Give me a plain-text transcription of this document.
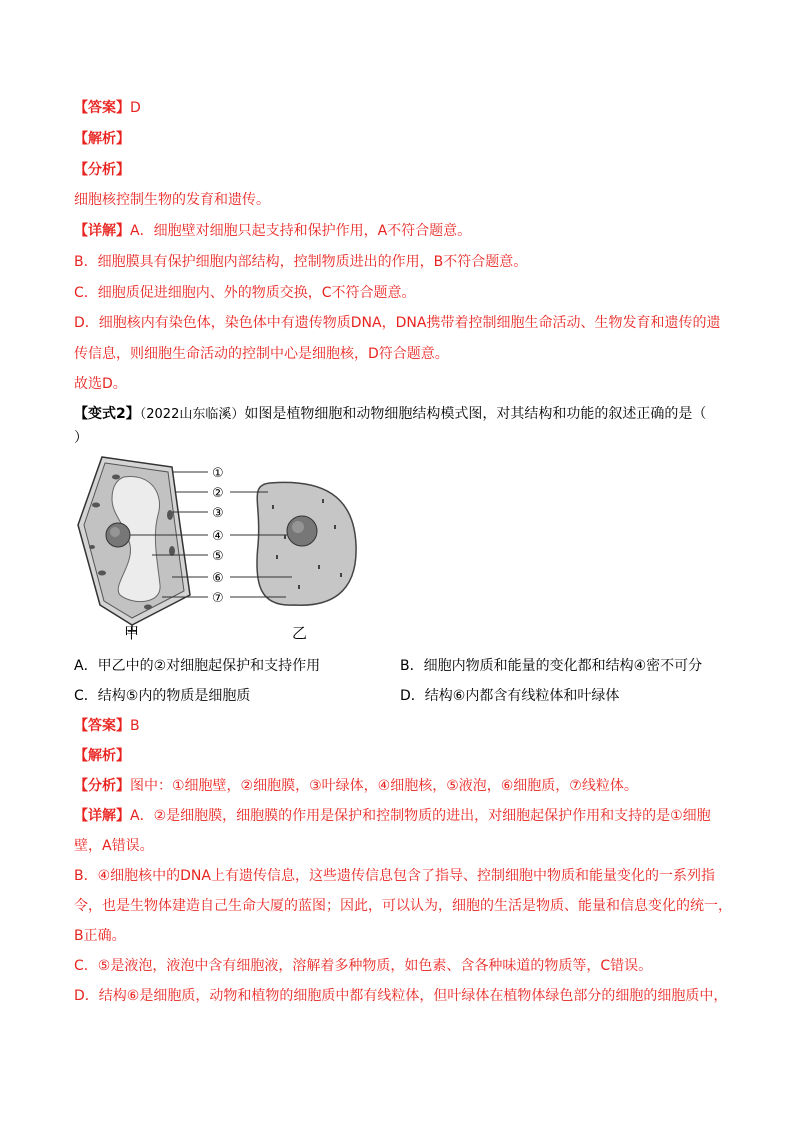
【答案】D
【解析】
【分析】
细胞核控制生物的发育和遗传。
【详解】A．细胞壁对细胞只起支持和保护作用，A不符合题意。
B．细胞膜具有保护细胞内部结构，控制物质进出的作用，B不符合题意。
C．细胞质促进细胞内、外的物质交换，C不符合题意。
D．细胞核内有染色体，染色体中有遗传物质DNA，DNA携带着控制细胞生命活动、生物发育和遗传的遗
传信息，则细胞生命活动的控制中心是细胞核，D符合题意。
故选D。
【变式2】（2022山东临溪）如图是植物细胞和动物细胞结构模式图，对其结构和功能的叙述正确的是（
）
①
②
③
④
⑤
⑥
⑦
甲	乙
A．甲乙中的②对细胞起保护和支持作用	B．细胞内物质和能量的变化都和结构④密不可分
C．结构⑤内的物质是细胞质	D．结构⑥内都含有线粒体和叶绿体
【答案】B
【解析】
【分析】图中：①细胞壁，②细胞膜，③叶绿体，④细胞核，⑤液泡，⑥细胞质，⑦线粒体。
【详解】A．②是细胞膜，细胞膜的作用是保护和控制物质的进出，对细胞起保护作用和支持的是①细胞
壁，A错误。
B．④细胞核中的DNA上有遗传信息，这些遗传信息包含了指导、控制细胞中物质和能量变化的一系列指
令，也是生物体建造自己生命大厦的蓝图；因此，可以认为，细胞的生活是物质、能量和信息变化的统一，
B正确。
C．⑤是液泡，液泡中含有细胞液，溶解着多种物质，如色素、含各种味道的物质等，C错误。
D．结构⑥是细胞质，动物和植物的细胞质中都有线粒体，但叶绿体在植物体绿色部分的细胞的细胞质中，
